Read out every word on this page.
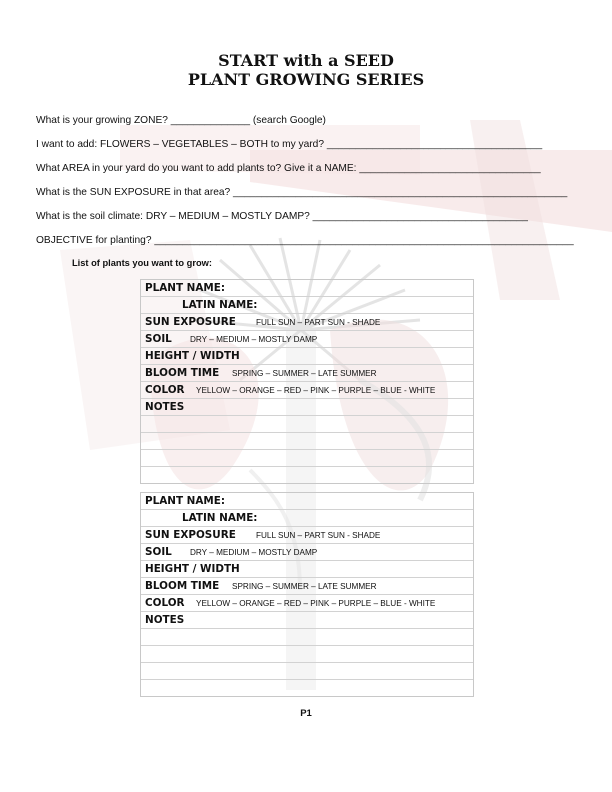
START with a SEED
PLANT GROWING SERIES
What is your growing ZONE? ______________ (search Google)
I want to add: FLOWERS – VEGETABLES – BOTH to my yard? ______________________________________
What AREA in your yard do you want to add plants to? Give it a NAME: ________________________________
What is the SUN EXPOSURE in that area? ___________________________________________________________
What is the soil climate: DRY – MEDIUM – MOSTLY DAMP? ______________________________________
OBJECTIVE for planting? __________________________________________________________________________
List of plants you want to grow:
PLANT NAME:
LATIN NAME:
SUN EXPOSURE FULL SUN – PART SUN - SHADE
SOIL DRY – MEDIUM – MOSTLY DAMP
HEIGHT / WIDTH
BLOOM TIME SPRING – SUMMER – LATE SUMMER
COLOR YELLOW – ORANGE – RED – PINK – PURPLE – BLUE - WHITE
NOTES
PLANT NAME:
LATIN NAME:
SUN EXPOSURE FULL SUN – PART SUN - SHADE
SOIL DRY – MEDIUM – MOSTLY DAMP
HEIGHT / WIDTH
BLOOM TIME SPRING – SUMMER – LATE SUMMER
COLOR YELLOW – ORANGE – RED – PINK – PURPLE – BLUE - WHITE
NOTES
P1
